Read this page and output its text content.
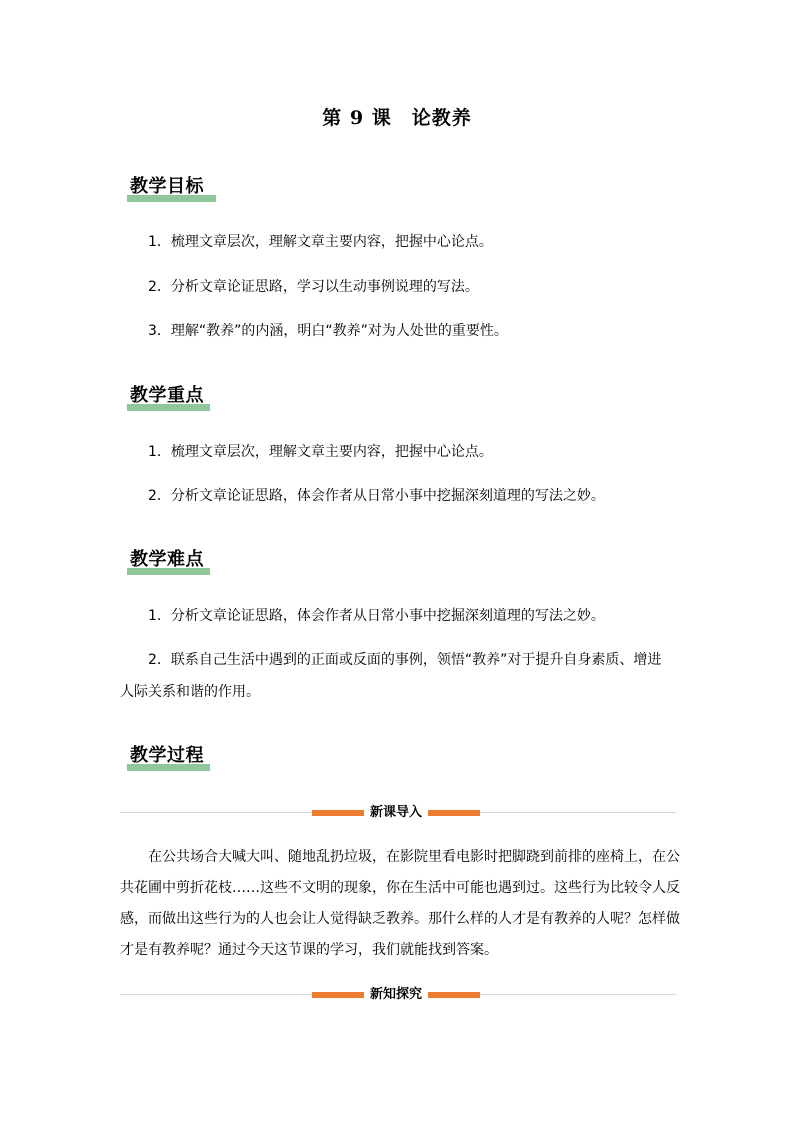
第 9 课　论教养
教学目标
1．梳理文章层次，理解文章主要内容，把握中心论点。
2．分析文章论证思路，学习以生动事例说理的写法。
3．理解“教养”的内涵，明白“教养”对为人处世的重要性。
教学重点
1．梳理文章层次，理解文章主要内容，把握中心论点。
2．分析文章论证思路，体会作者从日常小事中挖掘深刻道理的写法之妙。
教学难点
1．分析文章论证思路，体会作者从日常小事中挖掘深刻道理的写法之妙。
2．联系自己生活中遇到的正面或反面的事例，领悟“教养”对于提升自身素质、增进
人际关系和谐的作用。
教学过程
新课导入
在公共场合大喊大叫、随地乱扔垃圾，在影院里看电影时把脚跷到前排的座椅上，在公
共花圃中剪折花枝……这些不文明的现象，你在生活中可能也遇到过。这些行为比较令人反
感，而做出这些行为的人也会让人觉得缺乏教养。那什么样的人才是有教养的人呢？怎样做
才是有教养呢？通过今天这节课的学习，我们就能找到答案。
新知探究
